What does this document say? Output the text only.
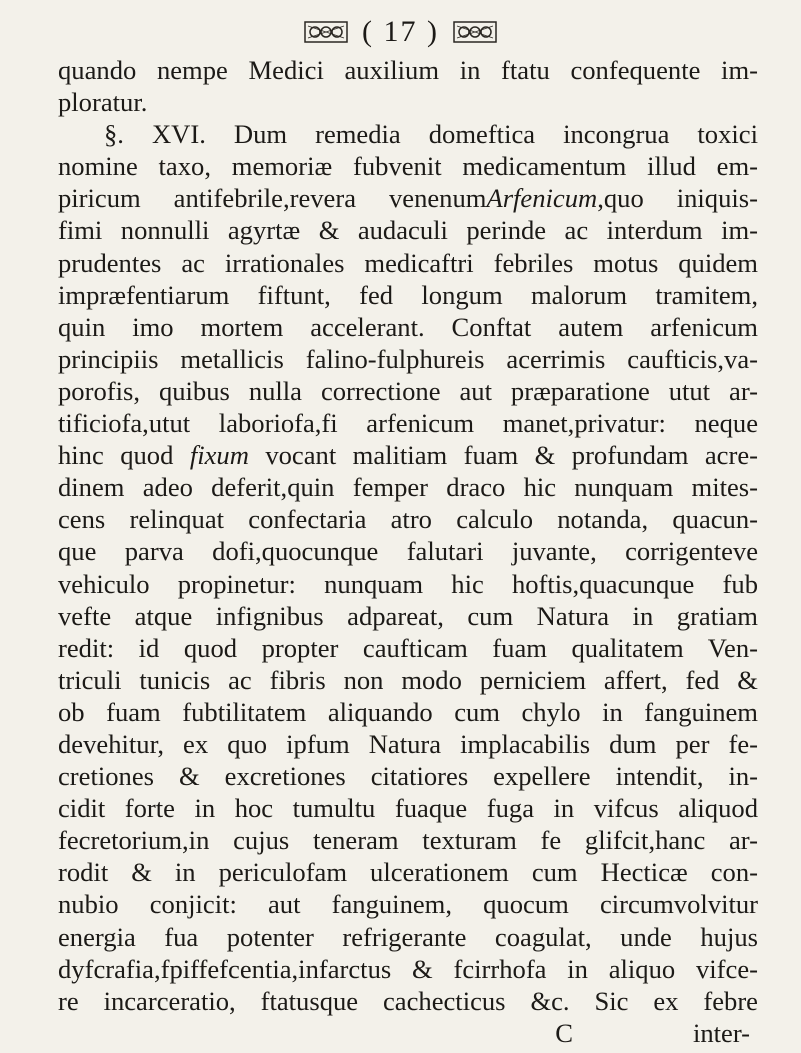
( 17 )
quando nempe Medici auxilium in ftatu confequente im-
ploratur.
§. XVI. Dum remedia domeftica incongrua toxici
nomine taxo, memoriæ fubvenit medicamentum illud em-
piricum antifebrile,revera venenumArfenicum,quo iniquis-
fimi nonnulli agyrtæ & audaculi perinde ac interdum im-
prudentes ac irrationales medicaftri febriles motus quidem
impræfentiarum fiftunt, fed longum malorum tramitem,
quin imo mortem accelerant. Conftat autem arfenicum
principiis metallicis falino-fulphureis acerrimis caufticis,va-
porofis, quibus nulla correctione aut præparatione utut ar-
tificiofa,utut laboriofa,fi arfenicum manet,privatur: neque
hinc quod fixum vocant malitiam fuam & profundam acre-
dinem adeo deferit,quin femper draco hic nunquam mites-
cens relinquat confectaria atro calculo notanda, quacun-
que parva dofi,quocunque falutari juvante, corrigenteve
vehiculo propinetur: nunquam hic hoftis,quacunque fub
vefte atque infignibus adpareat, cum Natura in gratiam
redit: id quod propter caufticam fuam qualitatem Ven-
triculi tunicis ac fibris non modo perniciem affert, fed &
ob fuam fubtilitatem aliquando cum chylo in fanguinem
devehitur, ex quo ipfum Natura implacabilis dum per fe-
cretiones & excretiones citatiores expellere intendit, in-
cidit forte in hoc tumultu fuaque fuga in vifcus aliquod
fecretorium,in cujus teneram texturam fe glifcit,hanc ar-
rodit & in periculofam ulcerationem cum Hecticæ con-
nubio conjicit: aut fanguinem, quocum circumvolvitur
energia fua potenter refrigerante coagulat, unde hujus
dyfcrafia,fpiffefcentia,infarctus & fcirrhofa in aliquo vifce-
re incarceratio, ftatusque cachecticus &c. Sic ex febre
C	inter-
